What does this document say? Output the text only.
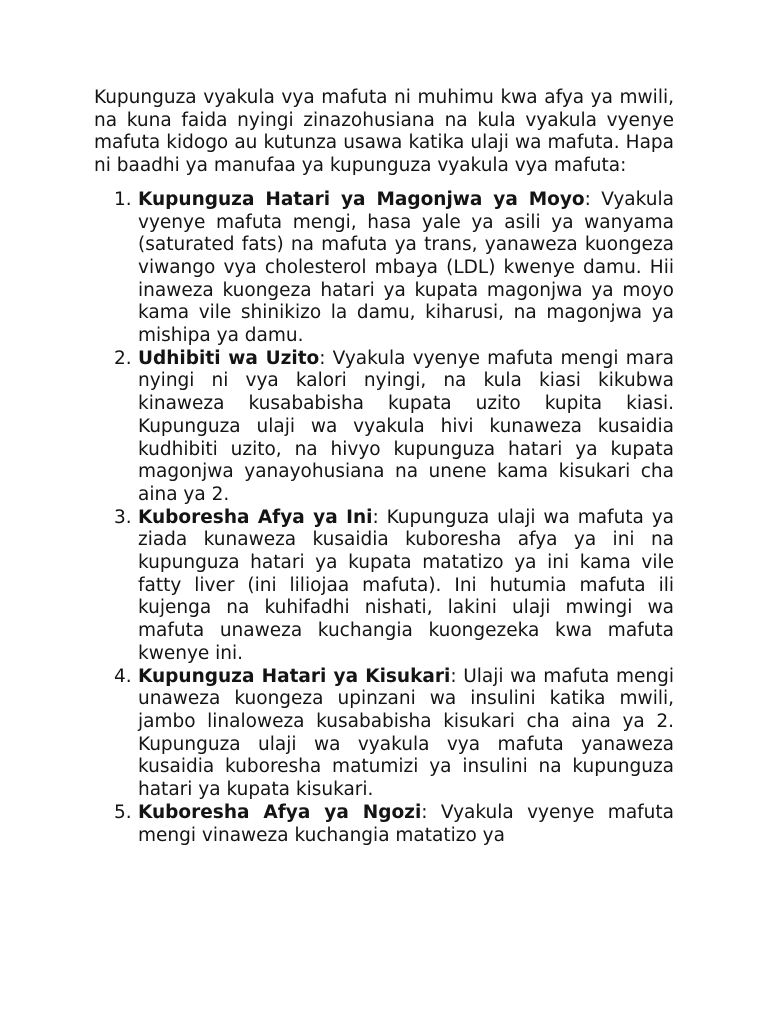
Kupunguza vyakula vya mafuta ni muhimu kwa afya ya mwili, na kuna faida nyingi zinazohusiana na kula vyakula vyenye mafuta kidogo au kutunza usawa katika ulaji wa mafuta. Hapa ni baadhi ya manufaa ya kupunguza vyakula vya mafuta:

1. Kupunguza Hatari ya Magonjwa ya Moyo: Vyakula vyenye mafuta mengi, hasa yale ya asili ya wanyama (saturated fats) na mafuta ya trans, yanaweza kuongeza viwango vya cholesterol mbaya (LDL) kwenye damu. Hii inaweza kuongeza hatari ya kupata magonjwa ya moyo kama vile shinikizo la damu, kiharusi, na magonjwa ya mishipa ya damu.
2. Udhibiti wa Uzito: Vyakula vyenye mafuta mengi mara nyingi ni vya kalori nyingi, na kula kiasi kikubwa kinaweza kusababisha kupata uzito kupita kiasi. Kupunguza ulaji wa vyakula hivi kunaweza kusaidia kudhibiti uzito, na hivyo kupunguza hatari ya kupata magonjwa yanayohusiana na unene kama kisukari cha aina ya 2.
3. Kuboresha Afya ya Ini: Kupunguza ulaji wa mafuta ya ziada kunaweza kusaidia kuboresha afya ya ini na kupunguza hatari ya kupata matatizo ya ini kama vile fatty liver (ini liliojaa mafuta). Ini hutumia mafuta ili kujenga na kuhifadhi nishati, lakini ulaji mwingi wa mafuta unaweza kuchangia kuongezeka kwa mafuta kwenye ini.
4. Kupunguza Hatari ya Kisukari: Ulaji wa mafuta mengi unaweza kuongeza upinzani wa insulini katika mwili, jambo linaloweza kusababisha kisukari cha aina ya 2. Kupunguza ulaji wa vyakula vya mafuta yanaweza kusaidia kuboresha matumizi ya insulini na kupunguza hatari ya kupata kisukari.
5. Kuboresha Afya ya Ngozi: Vyakula vyenye mafuta mengi vinaweza kuchangia matatizo ya
